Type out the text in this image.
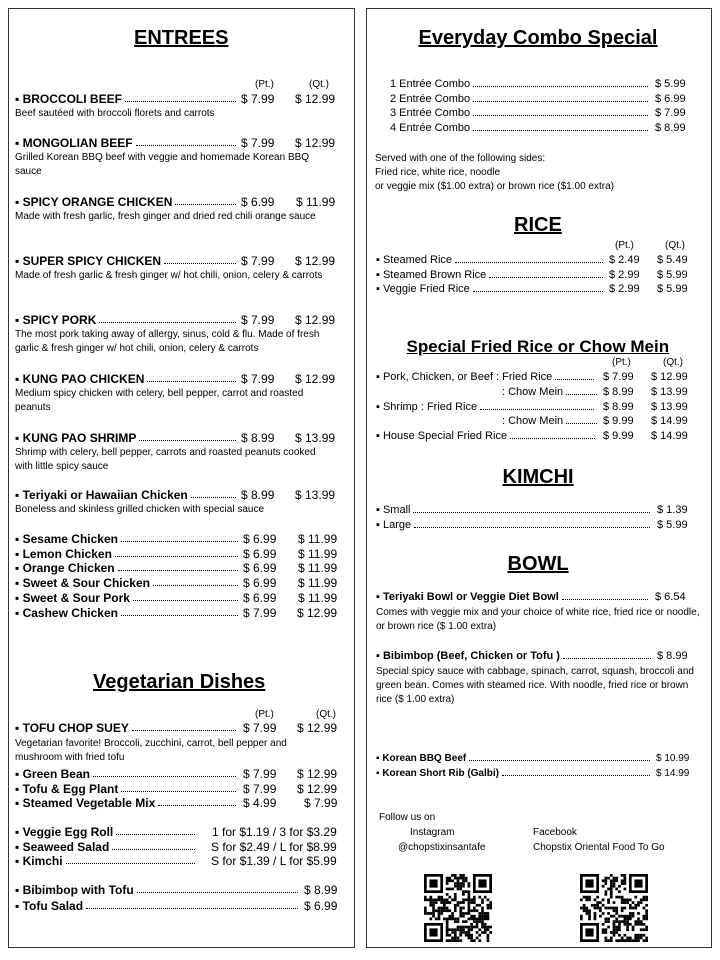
ENTREES
(Pt.)	(Qt.)
▪ BROCCOLI BEEF	$ 7.99 $ 12.99
Beef sautéed with broccoli florets and carrots
▪ MONGOLIAN BEEF	$ 7.99 $ 12.99
Grilled Korean BBQ beef with veggie and homemade Korean BBQ sauce
▪ SPICY ORANGE CHICKEN	$ 6.99 $ 11.99
Made with fresh garlic, fresh ginger and dried red chili orange sauce
▪ SUPER SPICY CHICKEN	$ 7.99 $ 12.99
Made of fresh garlic & fresh ginger w/ hot chili, onion, celery & carrots
▪ SPICY PORK	$ 7.99 $ 12.99
The most pork taking away of allergy, sinus, cold & flu. Made of fresh garlic & fresh ginger w/ hot chili, onion, celery & carrots
▪ KUNG PAO CHICKEN	$ 7.99 $ 12.99
Medium spicy chicken with celery, bell pepper, carrot and roasted peanuts
▪ KUNG PAO SHRIMP	$ 8.99 $ 13.99
Shrimp with celery, bell pepper, carrots and roasted peanuts cooked with little spicy sauce
▪ Teriyaki or Hawaiian Chicken	$ 8.99 $ 13.99
Boneless and skinless grilled chicken with special sauce
▪ Sesame Chicken	$ 6.99 $ 11.99
▪ Lemon Chicken	$ 6.99 $ 11.99
▪ Orange Chicken	$ 6.99 $ 11.99
▪ Sweet & Sour Chicken	$ 6.99 $ 11.99
▪ Sweet & Sour Pork	$ 6.99 $ 11.99
▪ Cashew Chicken	$ 7.99 $ 12.99
Vegetarian Dishes
(Pt.)	(Qt.)
▪ TOFU CHOP SUEY	$ 7.99 $ 12.99
Vegetarian favorite! Broccoli, zucchini, carrot, bell pepper and mushroom with fried tofu
▪ Green Bean	$ 7.99 $ 12.99
▪ Tofu & Egg Plant	$ 7.99 $ 12.99
▪ Steamed Vegetable Mix	$ 4.99 $ 7.99
▪ Veggie Egg Roll	1 for $1.19 / 3 for $3.29
▪ Seaweed Salad	S for $2.49 / L for $8.99
▪ Kimchi	S for $1.39 / L for $5.99
▪ Bibimbop with Tofu	$ 8.99
▪ Tofu Salad	$ 6.99
Everyday Combo Special
1 Entrée Combo	$ 5.99
2 Entrée Combo	$ 6.99
3 Entrée Combo	$ 7.99
4 Entrée Combo	$ 8.99
Served with one of the following sides:
Fried rice, white rice, noodle
or veggie mix ($1.00 extra) or brown rice ($1.00 extra)
RICE
(Pt.)	(Qt.)
▪ Steamed Rice	$ 2.49 $ 5.49
▪ Steamed Brown Rice	$ 2.99 $ 5.99
▪ Veggie Fried Rice	$ 2.99 $ 5.99
Special Fried Rice or Chow Mein
(Pt.)	(Qt.)
▪ Pork, Chicken, or Beef : Fried Rice	$ 7.99 $ 12.99
: Chow Mein	$ 8.99 $ 13.99
▪ Shrimp : Fried Rice	$ 8.99 $ 13.99
: Chow Mein	$ 9.99 $ 14.99
▪ House Special Fried Rice	$ 9.99 $ 14.99
KIMCHI
▪ Small	$ 1.39
▪ Large	$ 5.99
BOWL
▪ Teriyaki Bowl or Veggie Diet Bowl	$ 6.54
Comes with veggie mix and your choice of white rice, fried rice or noodle, or brown rice ($ 1.00 extra)
▪ Bibimbop (Beef, Chicken or Tofu )	$ 8.99
Special spicy sauce with cabbage, spinach, carrot, squash, broccoli and green bean. Comes with steamed rice. With noodle, fried rice or brown rice ($ 1.00 extra)
▪ Korean BBQ Beef	$ 10.99
▪ Korean Short Rib (Galbi)	$ 14.99
Follow us on
Instagram
@chopstixinsantafe
Facebook
Chopstix Oriental Food To Go
